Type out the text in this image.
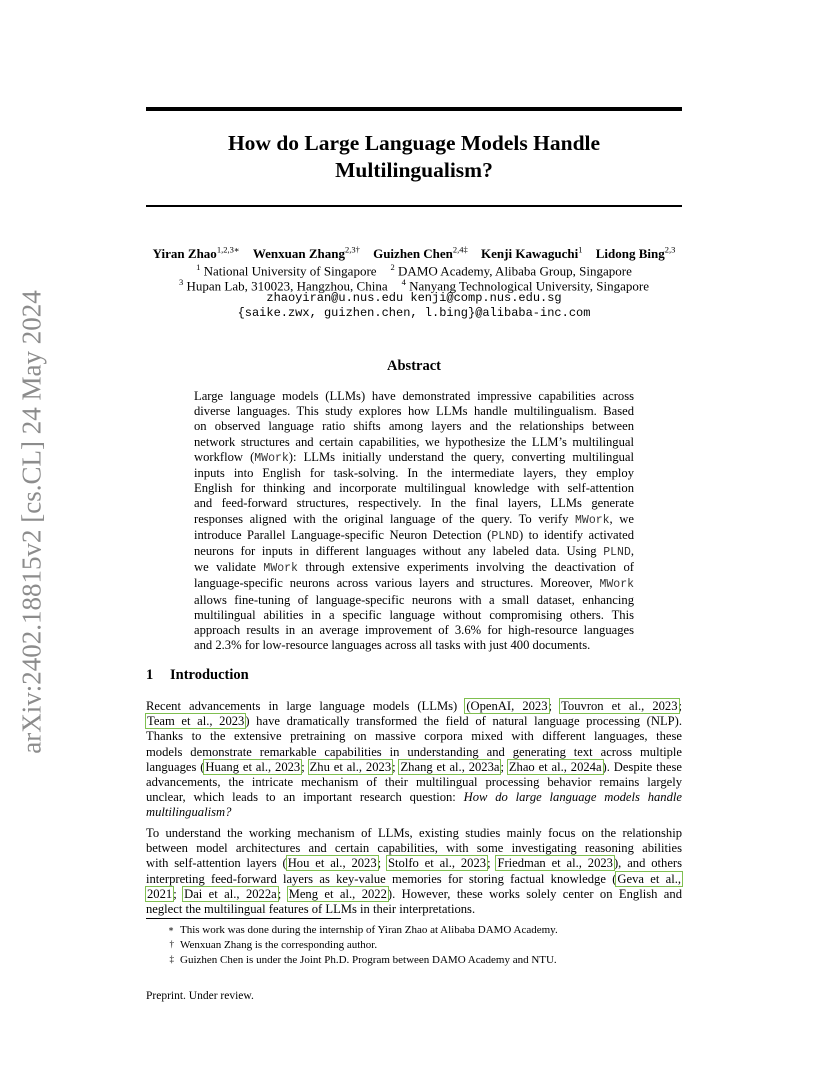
arXiv:2402.18815v2 [cs.CL] 24 May 2024
How do Large Language Models Handle
Multilingualism?
Yiran Zhao$^{1,2,3∗}$ Wenxuan Zhang$^{2,3\dagger}$ Guizhen Chen$^{2,4\ddagger}$ Kenji Kawaguchi$^1$ Lidong Bing$^{2,3}$
$^1$ National University of Singapore $^2$ DAMO Academy, Alibaba Group, Singapore
$^3$ Hupan Lab, 310023, Hangzhou, China $^4$ Nanyang Technological University, Singapore
zhaoyiran@u.nus.edu kenji@comp.nus.edu.sg
{saike.zwx, guizhen.chen, l.bing}@alibaba-inc.com
Abstract
Large language models (LLMs) have demonstrated impressive capabilities across
diverse languages. This study explores how LLMs handle multilingualism. Based
on observed language ratio shifts among layers and the relationships between
network structures and certain capabilities, we hypothesize the LLM’s multilingual
workflow (MWork): LLMs initially understand the query, converting multilingual
inputs into English for task-solving. In the intermediate layers, they employ
English for thinking and incorporate multilingual knowledge with self-attention
and feed-forward structures, respectively. In the final layers, LLMs generate
responses aligned with the original language of the query. To verify MWork, we
introduce Parallel Language-specific Neuron Detection (PLND) to identify activated
neurons for inputs in different languages without any labeled data. Using PLND,
we validate MWork through extensive experiments involving the deactivation of
language-specific neurons across various layers and structures. Moreover, MWork
allows fine-tuning of language-specific neurons with a small dataset, enhancing
multilingual abilities in a specific language without compromising others. This
approach results in an average improvement of 3.6% for high-resource languages
and 2.3% for low-resource languages across all tasks with just 400 documents.
1 Introduction
Recent advancements in large language models (LLMs) (OpenAI, 2023; Touvron et al., 2023;
Team et al., 2023) have dramatically transformed the field of natural language processing (NLP).
Thanks to the extensive pretraining on massive corpora mixed with different languages, these
models demonstrate remarkable capabilities in understanding and generating text across multiple
languages (Huang et al., 2023; Zhu et al., 2023; Zhang et al., 2023a; Zhao et al., 2024a). Despite these
advancements, the intricate mechanism of their multilingual processing behavior remains largely
unclear, which leads to an important research question: How do large language models handle
multilingualism?
To understand the working mechanism of LLMs, existing studies mainly focus on the relationship
between model architectures and certain capabilities, with some investigating reasoning abilities
with self-attention layers (Hou et al., 2023; Stolfo et al., 2023; Friedman et al., 2023), and others
interpreting feed-forward layers as key-value memories for storing factual knowledge (Geva et al.,
2021; Dai et al., 2022a; Meng et al., 2022). However, these works solely center on English and
neglect the multilingual features of LLMs in their interpretations.
∗ This work was done during the internship of Yiran Zhao at Alibaba DAMO Academy.
† Wenxuan Zhang is the corresponding author.
‡ Guizhen Chen is under the Joint Ph.D. Program between DAMO Academy and NTU.
Preprint. Under review.
